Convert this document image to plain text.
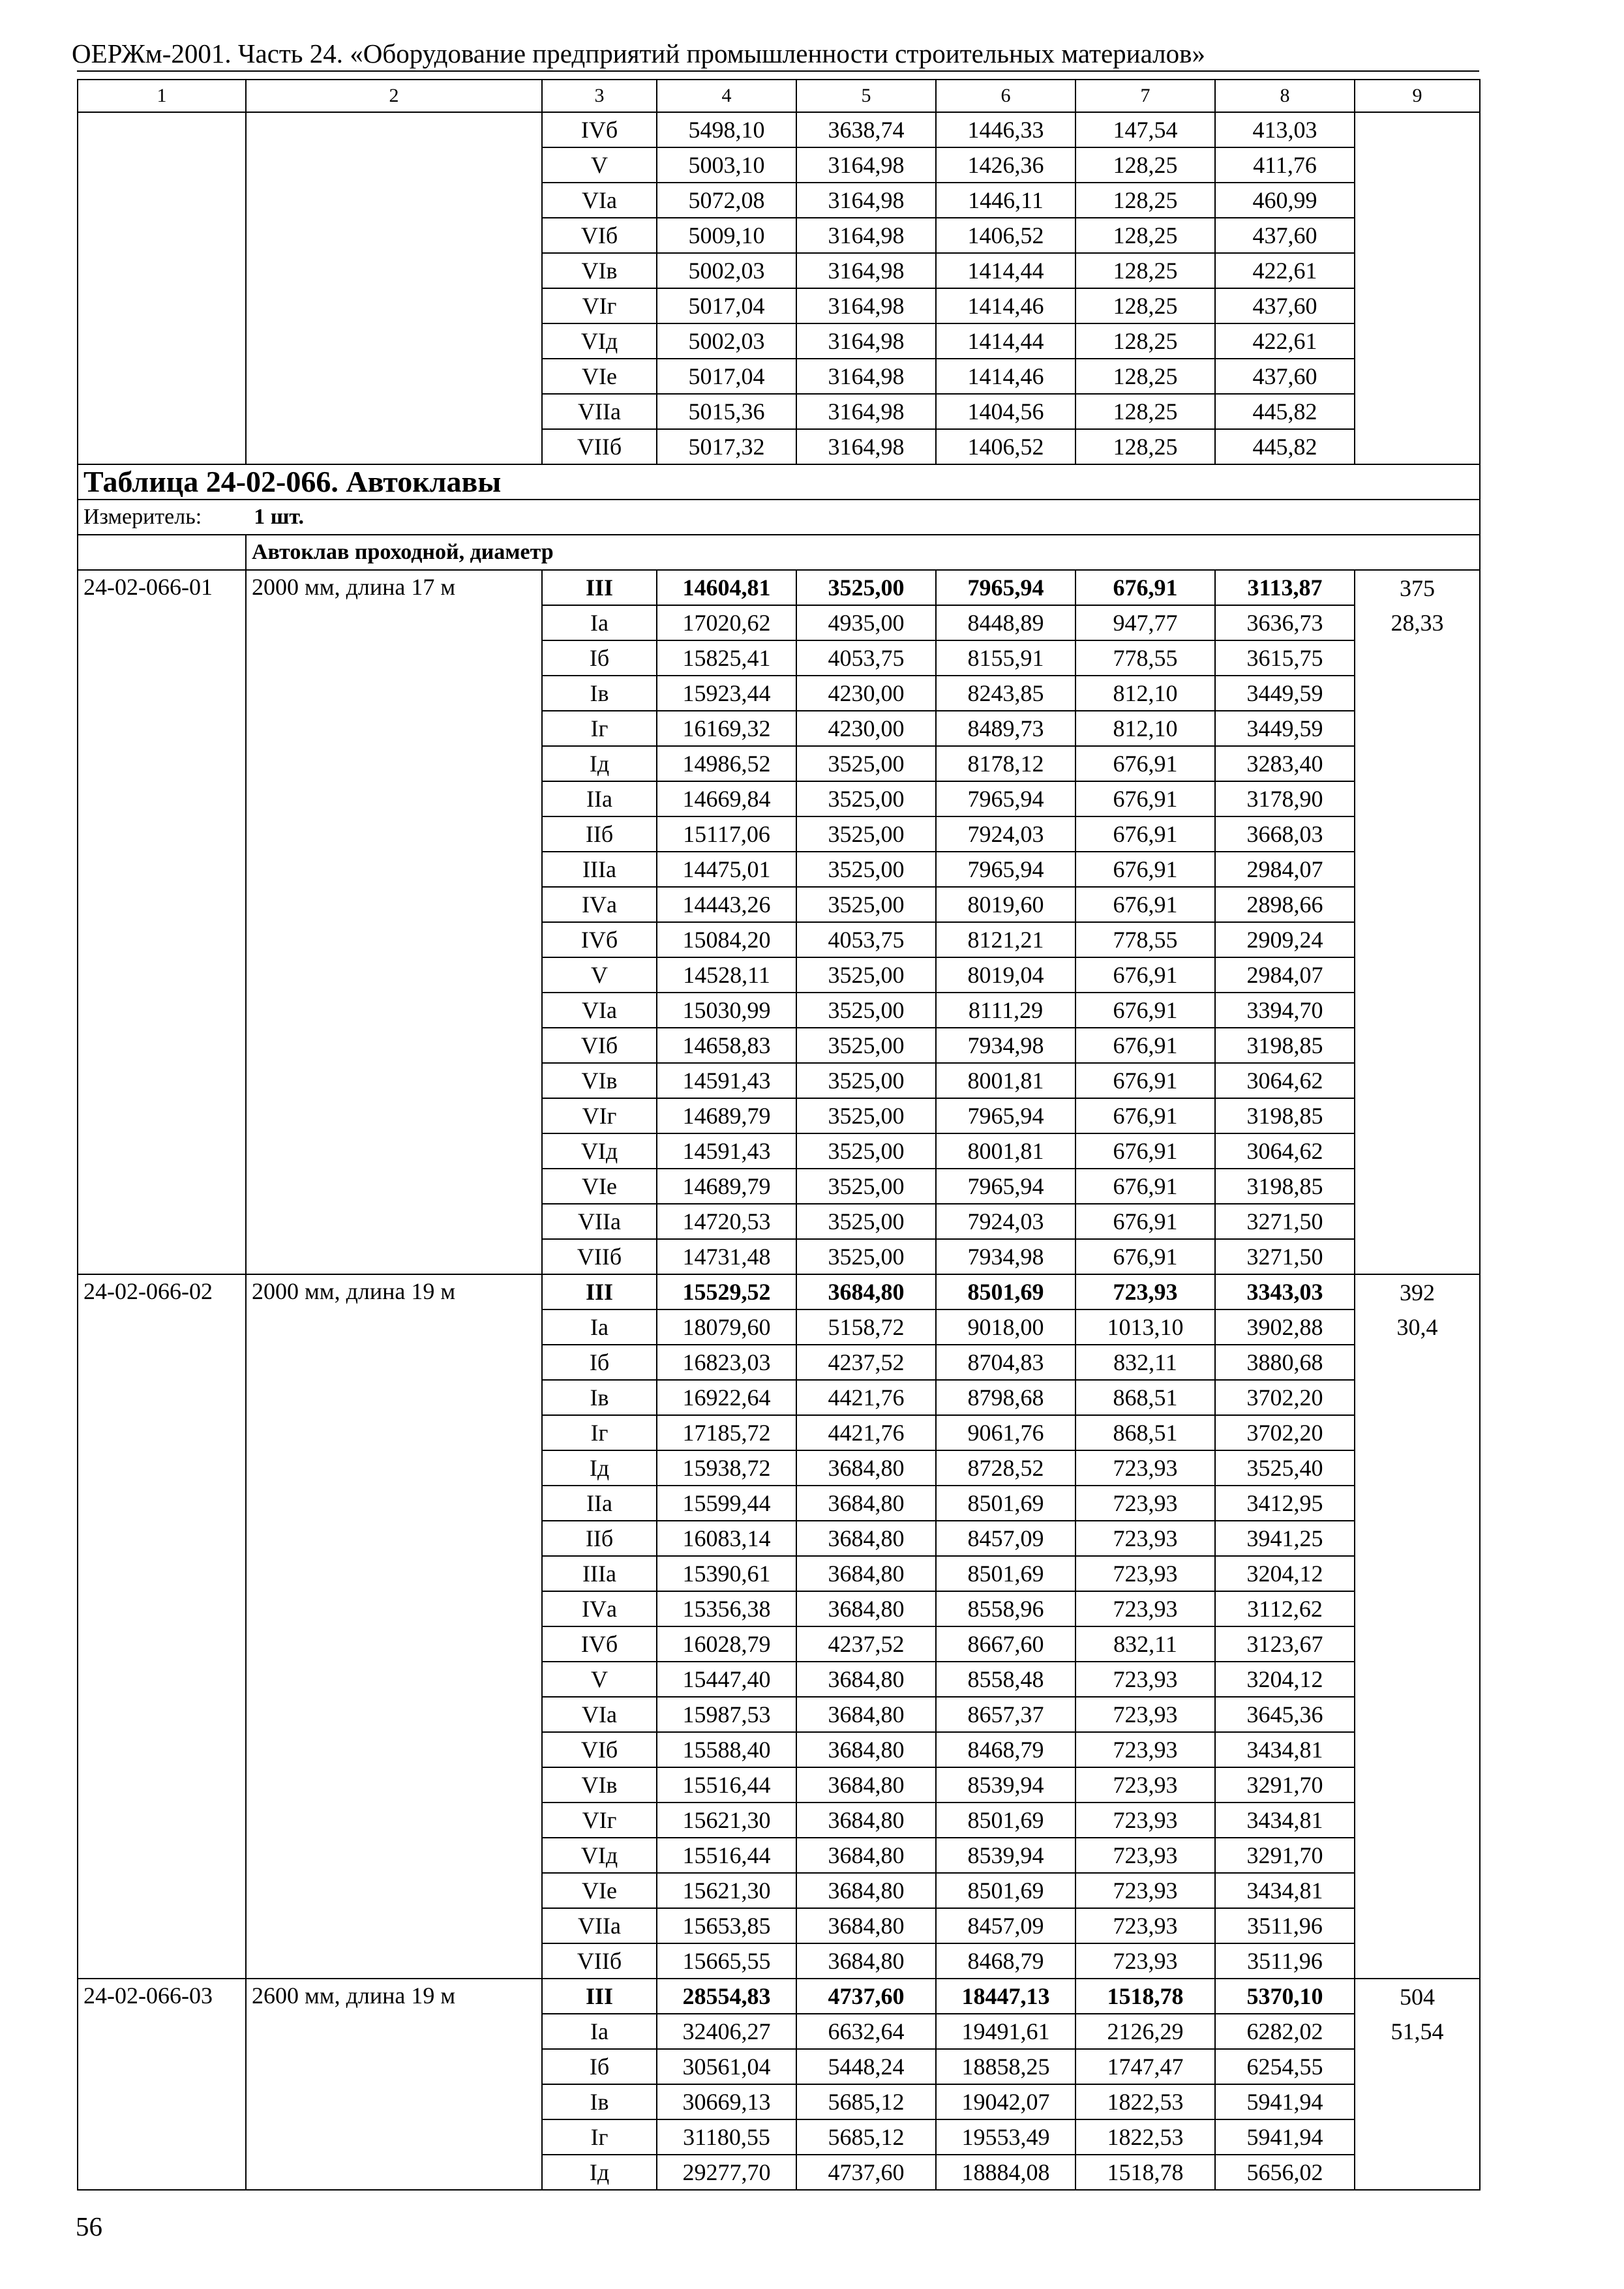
ОЕРЖм-2001. Часть 24. «Оборудование предприятий промышленности строительных материалов»
1	2	3	4	5	6	7	8	9
		IVб	5498,10	3638,74	1446,33	147,54	413,03	
		V	5003,10	3164,98	1426,36	128,25	411,76	
		VIа	5072,08	3164,98	1446,11	128,25	460,99	
		VIб	5009,10	3164,98	1406,52	128,25	437,60	
		VIв	5002,03	3164,98	1414,44	128,25	422,61	
		VIг	5017,04	3164,98	1414,46	128,25	437,60	
		VIд	5002,03	3164,98	1414,44	128,25	422,61	
		VIе	5017,04	3164,98	1414,46	128,25	437,60	
		VIIа	5015,36	3164,98	1404,56	128,25	445,82	
		VIIб	5017,32	3164,98	1406,52	128,25	445,82	
Таблица 24-02-066. Автоклавы								
Измеритель: 1 шт.								
	Автоклав проходной, диаметр							
24-02-066-01	2000 мм, длина 17 м	III	14604,81	3525,00	7965,94	676,91	3113,87	375
		Iа	17020,62	4935,00	8448,89	947,77	3636,73	28,33
		Iб	15825,41	4053,75	8155,91	778,55	3615,75	
		Iв	15923,44	4230,00	8243,85	812,10	3449,59	
		Iг	16169,32	4230,00	8489,73	812,10	3449,59	
		Iд	14986,52	3525,00	8178,12	676,91	3283,40	
		IIа	14669,84	3525,00	7965,94	676,91	3178,90	
		IIб	15117,06	3525,00	7924,03	676,91	3668,03	
		IIIа	14475,01	3525,00	7965,94	676,91	2984,07	
		IVа	14443,26	3525,00	8019,60	676,91	2898,66	
		IVб	15084,20	4053,75	8121,21	778,55	2909,24	
		V	14528,11	3525,00	8019,04	676,91	2984,07	
		VIа	15030,99	3525,00	8111,29	676,91	3394,70	
		VIб	14658,83	3525,00	7934,98	676,91	3198,85	
		VIв	14591,43	3525,00	8001,81	676,91	3064,62	
		VIг	14689,79	3525,00	7965,94	676,91	3198,85	
		VIд	14591,43	3525,00	8001,81	676,91	3064,62	
		VIе	14689,79	3525,00	7965,94	676,91	3198,85	
		VIIа	14720,53	3525,00	7924,03	676,91	3271,50	
		VIIб	14731,48	3525,00	7934,98	676,91	3271,50	
24-02-066-02	2000 мм, длина 19 м	III	15529,52	3684,80	8501,69	723,93	3343,03	392
		Iа	18079,60	5158,72	9018,00	1013,10	3902,88	30,4
		Iб	16823,03	4237,52	8704,83	832,11	3880,68	
		Iв	16922,64	4421,76	8798,68	868,51	3702,20	
		Iг	17185,72	4421,76	9061,76	868,51	3702,20	
		Iд	15938,72	3684,80	8728,52	723,93	3525,40	
		IIа	15599,44	3684,80	8501,69	723,93	3412,95	
		IIб	16083,14	3684,80	8457,09	723,93	3941,25	
		IIIа	15390,61	3684,80	8501,69	723,93	3204,12	
		IVа	15356,38	3684,80	8558,96	723,93	3112,62	
		IVб	16028,79	4237,52	8667,60	832,11	3123,67	
		V	15447,40	3684,80	8558,48	723,93	3204,12	
		VIа	15987,53	3684,80	8657,37	723,93	3645,36	
		VIб	15588,40	3684,80	8468,79	723,93	3434,81	
		VIв	15516,44	3684,80	8539,94	723,93	3291,70	
		VIг	15621,30	3684,80	8501,69	723,93	3434,81	
		VIд	15516,44	3684,80	8539,94	723,93	3291,70	
		VIе	15621,30	3684,80	8501,69	723,93	3434,81	
		VIIа	15653,85	3684,80	8457,09	723,93	3511,96	
		VIIб	15665,55	3684,80	8468,79	723,93	3511,96	
24-02-066-03	2600 мм, длина 19 м	III	28554,83	4737,60	18447,13	1518,78	5370,10	504
		Iа	32406,27	6632,64	19491,61	2126,29	6282,02	51,54
		Iб	30561,04	5448,24	18858,25	1747,47	6254,55	
		Iв	30669,13	5685,12	19042,07	1822,53	5941,94	
		Iг	31180,55	5685,12	19553,49	1822,53	5941,94	
		Iд	29277,70	4737,60	18884,08	1518,78	5656,02	
56
